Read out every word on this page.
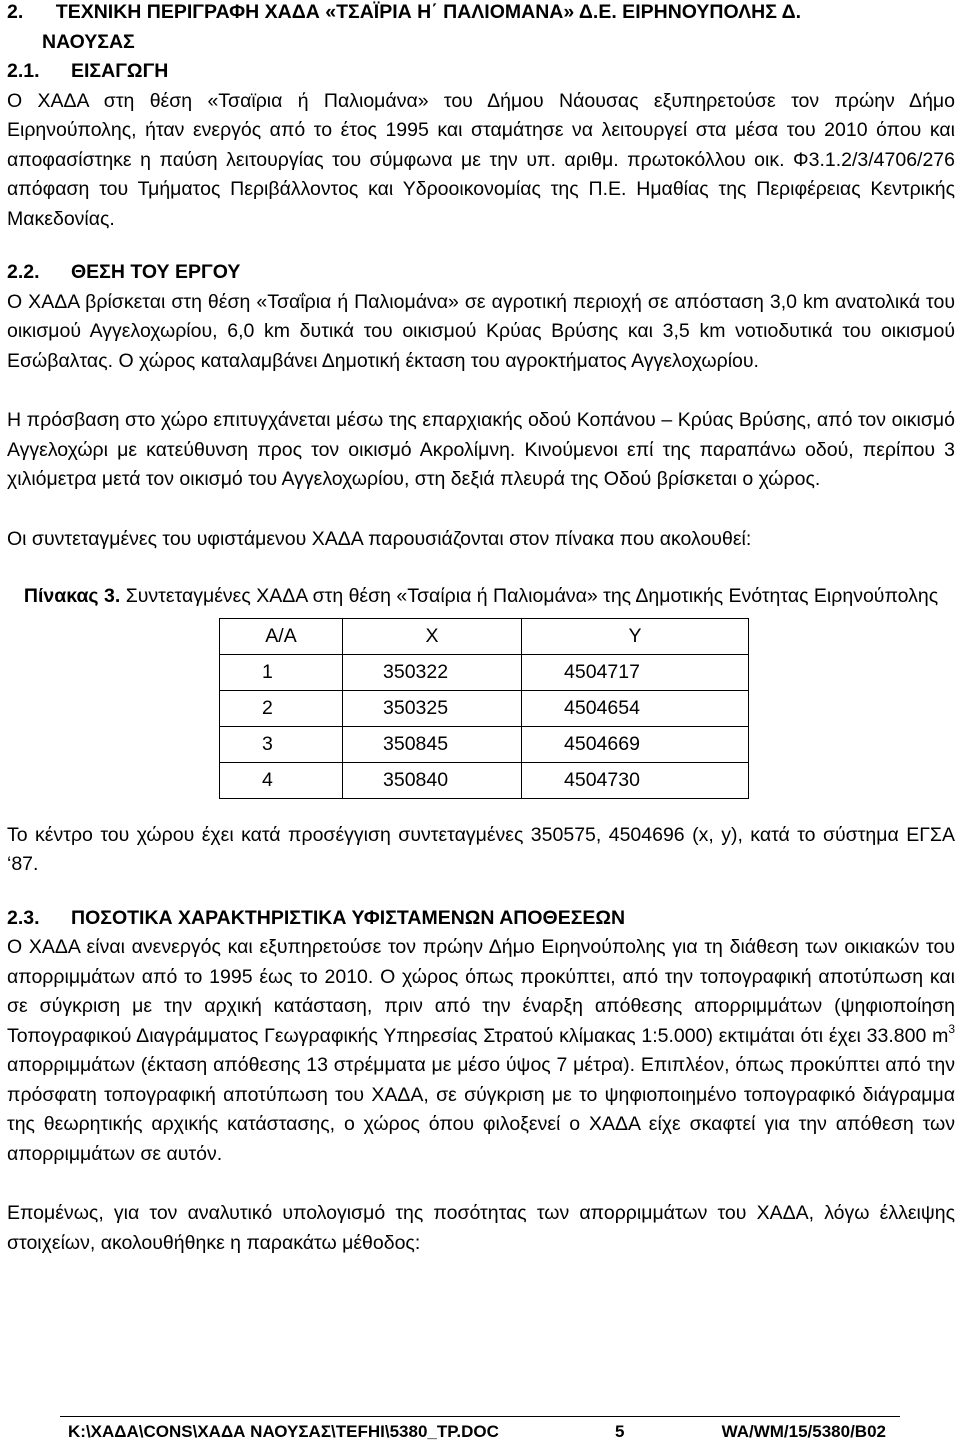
2. ΤΕΧΝΙΚΗ ΠΕΡΙΓΡΑΦΗ ΧΑΔΑ «ΤΣΑΪΡΙΑ Η΄ ΠΑΛΙΟΜΑΝΑ» Δ.Ε. ΕΙΡΗΝΟΥΠΟΛΗΣ Δ.
ΝΑΟΥΣΑΣ
2.1.	ΕΙΣΑΓΩΓΗ

Ο ΧΑΔΑ στη θέση «Τσαϊρια ή Παλιομάνα» του Δήμου Νάουσας εξυπηρετούσε τον πρώην Δήμο Ειρηνούπολης, ήταν ενεργός από το έτος 1995 και σταμάτησε να λειτουργεί στα μέσα του 2010 όπου και αποφασίστηκε η παύση λειτουργίας του σύμφωνα με την υπ. αριθμ. πρωτοκόλλου οικ. Φ3.1.2/3/4706/276 απόφαση του Τμήματος Περιβάλλοντος και Υδροοικονομίας της Π.Ε. Ημαθίας της Περιφέρειας Κεντρικής Μακεδονίας.

2.2.	ΘΕΣΗ ΤΟΥ ΕΡΓΟΥ

Ο ΧΑΔΑ βρίσκεται στη θέση «Τσαΐρια ή Παλιομάνα» σε αγροτική περιοχή σε απόσταση 3,0 km ανατολικά του οικισμού Αγγελοχωρίου, 6,0 km δυτικά του οικισμού Κρύας Βρύσης και 3,5 km νοτιοδυτικά του οικισμού Εσώβαλτας. Ο χώρος καταλαμβάνει Δημοτική έκταση του αγροκτήματος Αγγελοχωρίου.

Η πρόσβαση στο χώρο επιτυγχάνεται μέσω της επαρχιακής οδού Κοπάνου – Κρύας Βρύσης, από τον οικισμό Αγγελοχώρι με κατεύθυνση προς τον οικισμό Ακρολίμνη. Κινούμενοι επί της παραπάνω οδού, περίπου 3 χιλιόμετρα μετά τον οικισμό του Αγγελοχωρίου, στη δεξιά πλευρά της Οδού βρίσκεται ο χώρος.

Οι συντεταγμένες του υφιστάμενου ΧΑΔΑ παρουσιάζονται στον πίνακα που ακολουθεί:

Πίνακας 3. Συντεταγμένες ΧΑΔΑ στη θέση «Τσαίρια ή Παλιομάνα» της Δημοτικής Ενότητας Ειρηνούπολης
Α/Α	Χ	Υ
1	350322	4504717
2	350325	4504654
3	350845	4504669
4	350840	4504730

Το κέντρο του χώρου έχει κατά προσέγγιση συντεταγμένες 350575, 4504696 (x, y), κατά το σύστημα ΕΓΣΑ ‘87.

2.3.	ΠΟΣΟΤΙΚΑ ΧΑΡΑΚΤΗΡΙΣΤΙΚΑ ΥΦΙΣΤΑΜΕΝΩΝ ΑΠΟΘΕΣΕΩΝ

Ο ΧΑΔΑ είναι ανενεργός και εξυπηρετούσε τον πρώην Δήμο Ειρηνούπολης για τη διάθεση των οικιακών του απορριμμάτων από το 1995 έως το 2010. Ο χώρος όπως προκύπτει, από την τοπογραφική αποτύπωση και σε σύγκριση με την αρχική κατάσταση, πριν από την έναρξη απόθεσης απορριμμάτων (ψηφιοποίηση Τοπογραφικού Διαγράμματος Γεωγραφικής Υπηρεσίας Στρατού κλίμακας 1:5.000) εκτιμάται ότι έχει 33.800 $m^3$ απορριμμάτων (έκταση απόθεσης 13 στρέμματα με μέσο ύψος 7 μέτρα). Επιπλέον, όπως προκύπτει από την πρόσφατη τοπογραφική αποτύπωση του ΧΑΔΑ, σε σύγκριση με το ψηφιοποιημένο τοπογραφικό διάγραμμα της θεωρητικής αρχικής κατάστασης, ο χώρος όπου φιλοξενεί ο ΧΑΔΑ είχε σκαφτεί για την απόθεση των απορριμμάτων σε αυτόν.

Επομένως, για τον αναλυτικό υπολογισμό της ποσότητας των απορριμμάτων του ΧΑΔΑ, λόγω έλλειψης στοιχείων, ακολουθήθηκε η παρακάτω μέθοδος:

K:\ΧΑΔΑ\CONS\ΧΑΔΑ ΝΑΟΥΣΑΣ\TEFHI\5380_TP.DOC	5	WA/WM/15/5380/B02
